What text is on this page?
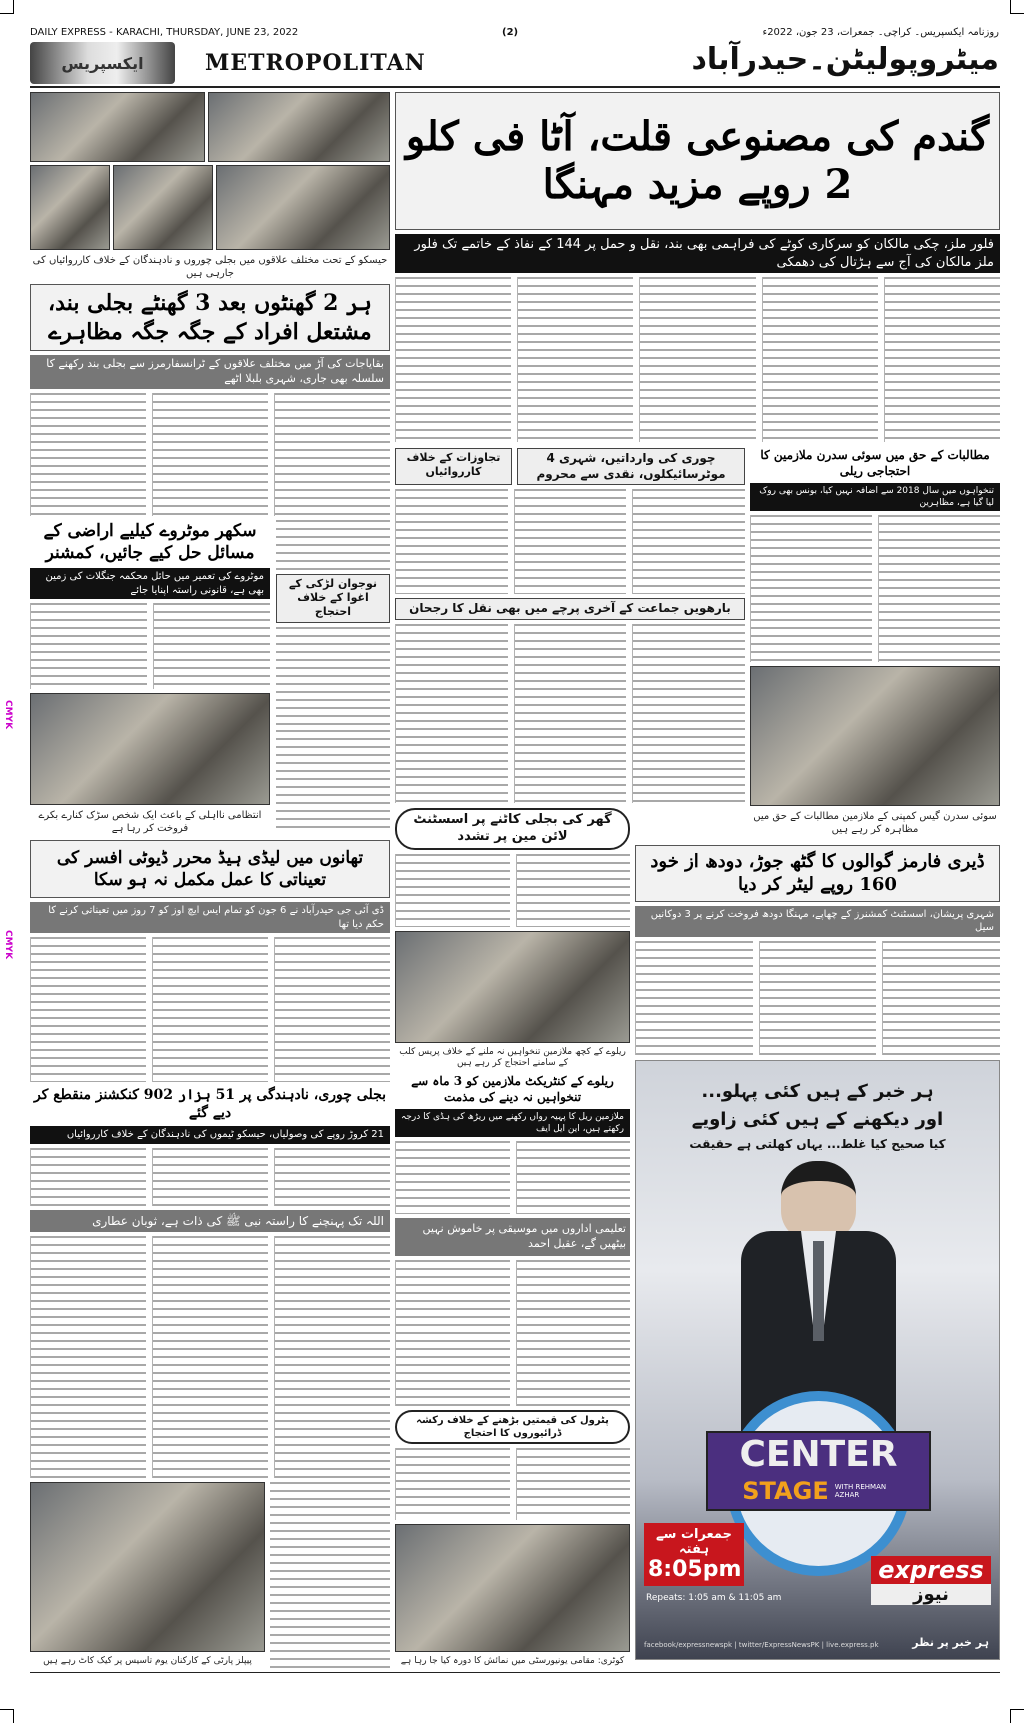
CMYK
CMYK
DAILY EXPRESS - KARACHI, THURSDAY, JUNE 23, 2022	(2)	روزنامہ ایکسپریس۔ کراچی۔ جمعرات، 23 جون، 2022ء
ایکسپریس	METROPOLITAN	میٹروپولیٹن۔حیدرآباد
حیسکو کے تحت مختلف علاقوں میں بجلی چوروں و نادہندگان کے خلاف کارروائیاں کی جارہی ہیں
ہر 2 گھنٹوں بعد 3 گھنٹے بجلی بند، مشتعل افراد کے جگہ جگہ مظاہرے
بقایاجات کی آڑ میں مختلف علاقوں کے ٹرانسفارمرز سے بجلی بند رکھنے کا سلسلہ بھی جاری، شہری بلبلا اٹھے
سکھر موٹروے کیلیے اراضی کے مسائل حل کیے جائیں، کمشنر
موٹروے کی تعمیر میں حائل محکمہ جنگلات کی زمین بھی ہے، قانونی راستہ اپنایا جائے
انتظامی نااہلی کے باعث ایک شخص سڑک کنارے بکرے فروخت کر رہا ہے
نوجوان لڑکی کے اغوا کے خلاف احتجاج
گندم کی مصنوعی قلت، آٹا فی کلو 2 روپے مزید مہنگا
فلور ملز، چکی مالکان کو سرکاری کوٹے کی فراہمی بھی بند، نقل و حمل پر 144 کے نفاذ کے خاتمے تک فلور ملز مالکان کی آج سے ہڑتال کی دھمکی
چوری کی وارداتیں، شہری 4 موٹرسائیکلوں، نقدی سے محروم
تجاوزات کے خلاف کارروائیاں
بارھویں جماعت کے آخری پرچے میں بھی نقل کا رجحان
مطالبات کے حق میں سوئی سدرن ملازمین کا احتجاجی ریلی
تنخواہوں میں سال 2018 سے اضافہ نہیں کیا، بونس بھی روک لیا گیا ہے، مظاہرین
سوئی سدرن گیس کمپنی کے ملازمین مطالبات کے حق میں مظاہرہ کر رہے ہیں
گھر کی بجلی کاٹنے پر اسسٹنٹ لائن مین پر تشدد
ریلوے کے کچھ ملازمین تنخواہیں نہ ملنے کے خلاف پریس کلب کے سامنے احتجاج کر رہے ہیں
ریلوے کے کنٹریکٹ ملازمین کو 3 ماہ سے تنخواہیں نہ دینے کی مذمت
ملازمین ریل کا پہیہ رواں رکھنے میں ریڑھ کی ہڈی کا درجہ رکھتے ہیں، این ایل ایف
تعلیمی اداروں میں موسیقی پر خاموش نہیں بیٹھیں گے، عقیل احمد
پٹرول کی قیمتیں بڑھنے کے خلاف رکشہ ڈرائیوروں کا احتجاج
کوٹری: مقامی یونیورسٹی میں نمائش کا دورہ کیا جا رہا ہے
تھانوں میں لیڈی ہیڈ محرر ڈیوٹی افسر کی تعیناتی کا عمل مکمل نہ ہو سکا
ڈی آئی جی حیدرآباد نے 6 جون کو تمام ایس ایچ اوز کو 7 روز میں تعیناتی کرنے کا حکم دیا تھا
بجلی چوری، نادہندگی پر 51 ہزار 902 کنکشنز منقطع کر دیے گئے
21 کروڑ روپے کی وصولیاں، حیسکو ٹیموں کی نادہندگان کے خلاف کارروائیاں
اللہ تک پہنچنے کا راستہ نبی ﷺ کی ذات ہے، ثوبان عطاری
پیپلز پارٹی کے کارکنان یوم تاسیس پر کیک کاٹ رہے ہیں
ڈیری فارمز گوالوں کا گٹھ جوڑ، دودھ از خود 160 روپے لیٹر کر دیا
شہری پریشان، اسسٹنٹ کمشنرز کے چھاپے، مہنگا دودھ فروخت کرنے پر 3 دوکانیں سیل
ہر خبر کے ہیں کئی پہلو...
اور دیکھنے کے ہیں کئی زاویے
کیا صحیح کیا غلط... یہاں کھلتی ہے حقیقت
CENTER
STAGE WITH REHMAN AZHAR
جمعرات سے ہفتہ
8:05pm
Repeats: 1:05 am & 11:05 am
express
نیوز
ہر خبر پر نظر
facebook/expressnewspk | twitter/ExpressNewsPK | live.express.pk
